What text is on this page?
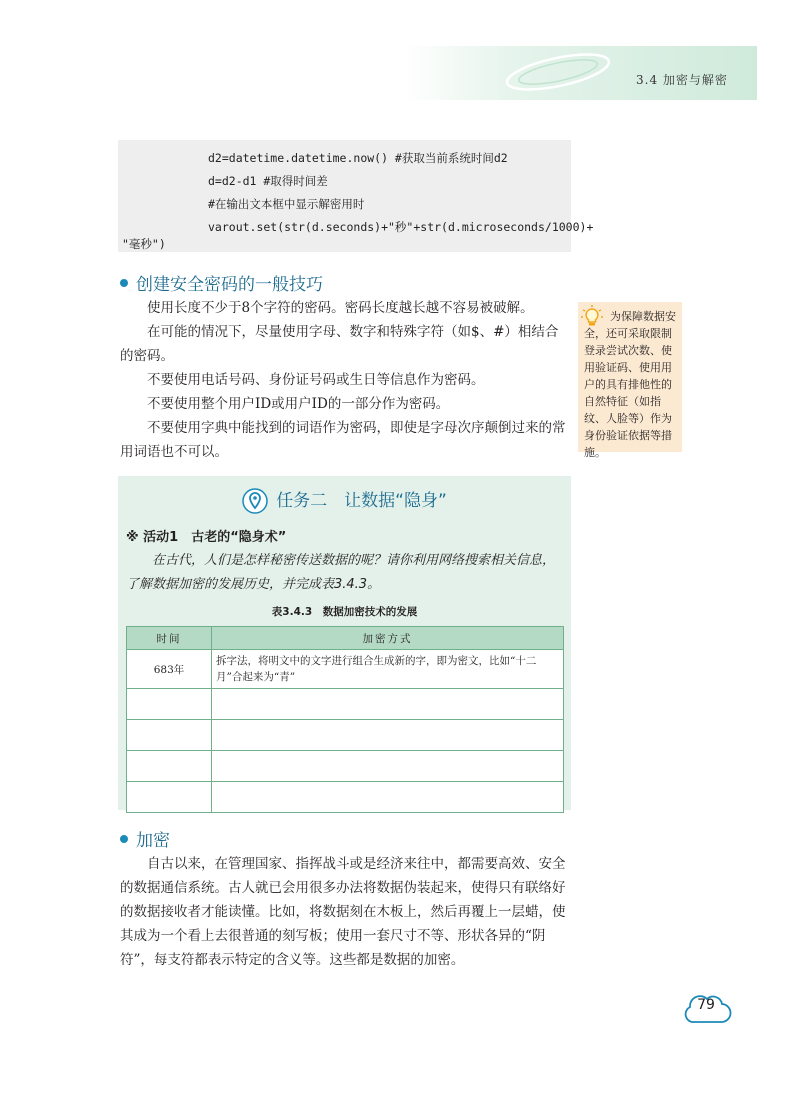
3.4 加密与解密
d2=datetime.datetime.now() #获取当前系统时间d2
d=d2-d1 #取得时间差
#在输出文本框中显示解密用时
varout.set(str(d.seconds)+"秒"+str(d.microseconds/1000)+
"毫秒")
创建安全密码的一般技巧
使用长度不少于8个字符的密码。密码长度越长越不容易被破解。
在可能的情况下，尽量使用字母、数字和特殊字符（如$、#）相结合的密码。
不要使用电话号码、身份证号码或生日等信息作为密码。
不要使用整个用户ID或用户ID的一部分作为密码。
不要使用字典中能找到的词语作为密码，即使是字母次序颠倒过来的常用词语也不可以。
为保障数据安全，还可采取限制登录尝试次数、使用验证码、使用用户的具有排他性的自然特征（如指纹、人脸等）作为身份验证依据等措施。
任务二　让数据“隐身”
※ 活动1　古老的“隐身术”
在古代，人们是怎样秘密传送数据的呢？请你利用网络搜索相关信息，了解数据加密的发展历史，并完成表3.4.3。
表3.4.3　数据加密技术的发展
时间	加密方式
683年	拆字法，将明文中的文字进行组合生成新的字，即为密文，比如“十二月”合起来为“青”

加密
自古以来，在管理国家、指挥战斗或是经济来往中，都需要高效、安全的数据通信系统。古人就已会用很多办法将数据伪装起来，使得只有联络好的数据接收者才能读懂。比如，将数据刻在木板上，然后再覆上一层蜡，使其成为一个看上去很普通的刻写板；使用一套尺寸不等、形状各异的“阴符”，每支符都表示特定的含义等。这些都是数据的加密。
79
